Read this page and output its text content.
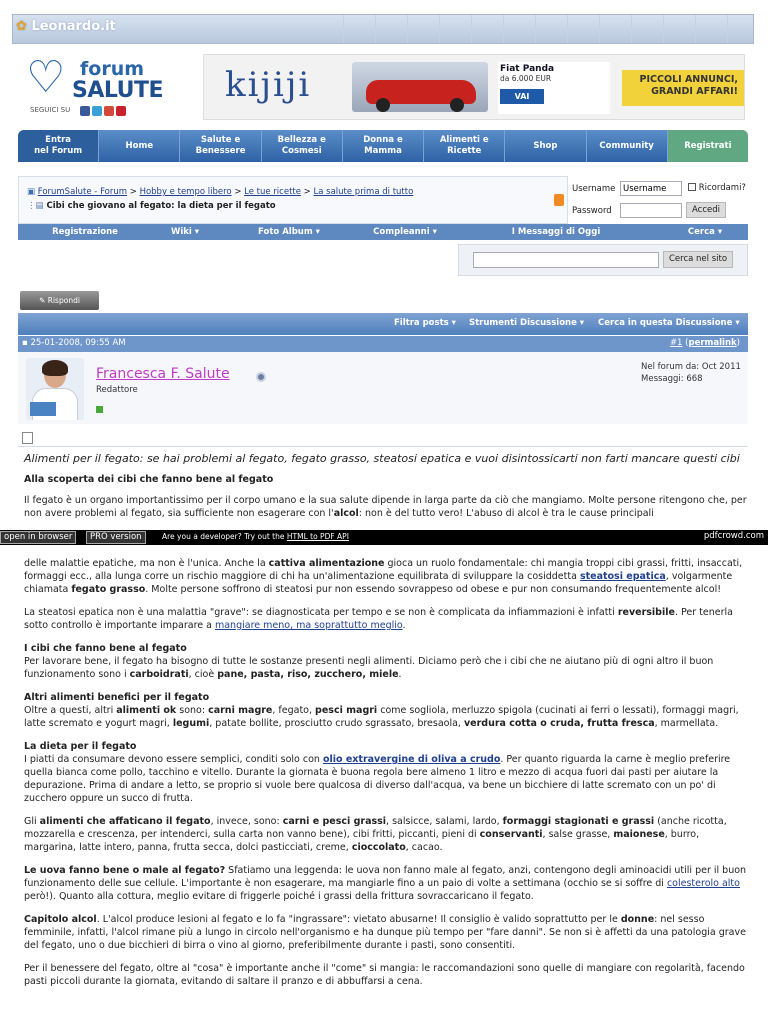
✿ Leonardo.it
♡ forum
SALUTE
SEGUICI SU
kijiji	Fiat Panda
da 6.000 EUR
VAI
PICCOLI ANNUNCI,
GRANDI AFFARI!
Entra
nel Forum
Home
Salute e
Benessere
Bellezza e
Cosmesi
Donna e
Mamma
Alimenti e
Ricette
Shop	Community	Registrati
▣ ForumSalute - Forum > Hobby e tempo libero > Le tue ricette > La salute prima di tutto
⋮▤ Cibi che giovano al fegato: la dieta per il fegato
Username
Username	Ricordami?
Password	Accedi
Registrazione	Wiki ▾	Foto Album ▾	Compleanni ▾	I Messaggi di Oggi	Cerca ▾
Cerca nel sito
✎ Rispondi
Filtra posts ▾ Strumenti Discussione ▾ Cerca in questa Discussione ▾
▪ 25-01-2008, 09:55 AM	#1 (permalink)
Francesca F. Salute
Redattore
Nel forum da: Oct 2011
Messaggi: 668

Alimenti per il fegato: se hai problemi al fegato, fegato grasso, steatosi epatica e vuoi disintossicarti non farti mancare questi cibi

Alla scoperta dei cibi che fanno bene al fegato

Il fegato è un organo importantissimo per il corpo umano e la sua salute dipende in larga parte da ciò che mangiamo. Molte persone ritengono che, per non avere problemi al fegato, sia sufficiente non esagerare con l'alcol: non è del tutto vero! L'abuso di alcol è tra le cause principali

open in browser	PRO version	Are you a developer? Try out the HTML to PDF API	pdfcrowd.com

delle malattie epatiche, ma non è l'unica. Anche la cattiva alimentazione gioca un ruolo fondamentale: chi mangia troppi cibi grassi, fritti, insaccati, formaggi ecc., alla lunga corre un rischio maggiore di chi ha un'alimentazione equilibrata di sviluppare la cosiddetta steatosi epatica, volgarmente chiamata fegato grasso. Molte persone soffrono di steatosi pur non essendo sovrappeso od obese e pur non consumando frequentemente alcol!

La steatosi epatica non è una malattia "grave": se diagnosticata per tempo e se non è complicata da infiammazioni è infatti reversibile. Per tenerla sotto controllo è importante imparare a mangiare meno, ma soprattutto meglio.

I cibi che fanno bene al fegato
Per lavorare bene, il fegato ha bisogno di tutte le sostanze presenti negli alimenti. Diciamo però che i cibi che ne aiutano più di ogni altro il buon funzionamento sono i carboidrati, cioè pane, pasta, riso, zucchero, miele.

Altri alimenti benefici per il fegato
Oltre a questi, altri alimenti ok sono: carni magre, fegato, pesci magri come sogliola, merluzzo spigola (cucinati ai ferri o lessati), formaggi magri, latte scremato e yogurt magri, legumi, patate bollite, prosciutto crudo sgrassato, bresaola, verdura cotta o cruda, frutta fresca, marmellata.

La dieta per il fegato
I piatti da consumare devono essere semplici, conditi solo con olio extravergine di oliva a crudo. Per quanto riguarda la carne è meglio preferire quella bianca come pollo, tacchino e vitello. Durante la giornata è buona regola bere almeno 1 litro e mezzo di acqua fuori dai pasti per aiutare la depurazione. Prima di andare a letto, se proprio si vuole bere qualcosa di diverso dall'acqua, va bene un bicchiere di latte scremato con un po' di zucchero oppure un succo di frutta.

Gli alimenti che affaticano il fegato, invece, sono: carni e pesci grassi, salsicce, salami, lardo, formaggi stagionati e grassi (anche ricotta, mozzarella e crescenza, per intenderci, sulla carta non vanno bene), cibi fritti, piccanti, pieni di conservanti, salse grasse, maionese, burro, margarina, latte intero, panna, frutta secca, dolci pasticciati, creme, cioccolato, cacao.

Le uova fanno bene o male al fegato? Sfatiamo una leggenda: le uova non fanno male al fegato, anzi, contengono degli aminoacidi utili per il buon funzionamento delle sue cellule. L'importante è non esagerare, ma mangiarle fino a un paio di volte a settimana (occhio se si soffre di colesterolo alto però!). Quanto alla cottura, meglio evitare di friggerle poiché i grassi della frittura sovraccaricano il fegato.

Capitolo alcol. L'alcol produce lesioni al fegato e lo fa "ingrassare": vietato abusarne! Il consiglio è valido soprattutto per le donne: nel sesso femminile, infatti, l'alcol rimane più a lungo in circolo nell'organismo e ha dunque più tempo per "fare danni". Se non si è affetti da una patologia grave del fegato, uno o due bicchieri di birra o vino al giorno, preferibilmente durante i pasti, sono consentiti.

Per il benessere del fegato, oltre al "cosa" è importante anche il "come" si mangia: le raccomandazioni sono quelle di mangiare con regolarità, facendo pasti piccoli durante la giornata, evitando di saltare il pranzo e di abbuffarsi a cena.
